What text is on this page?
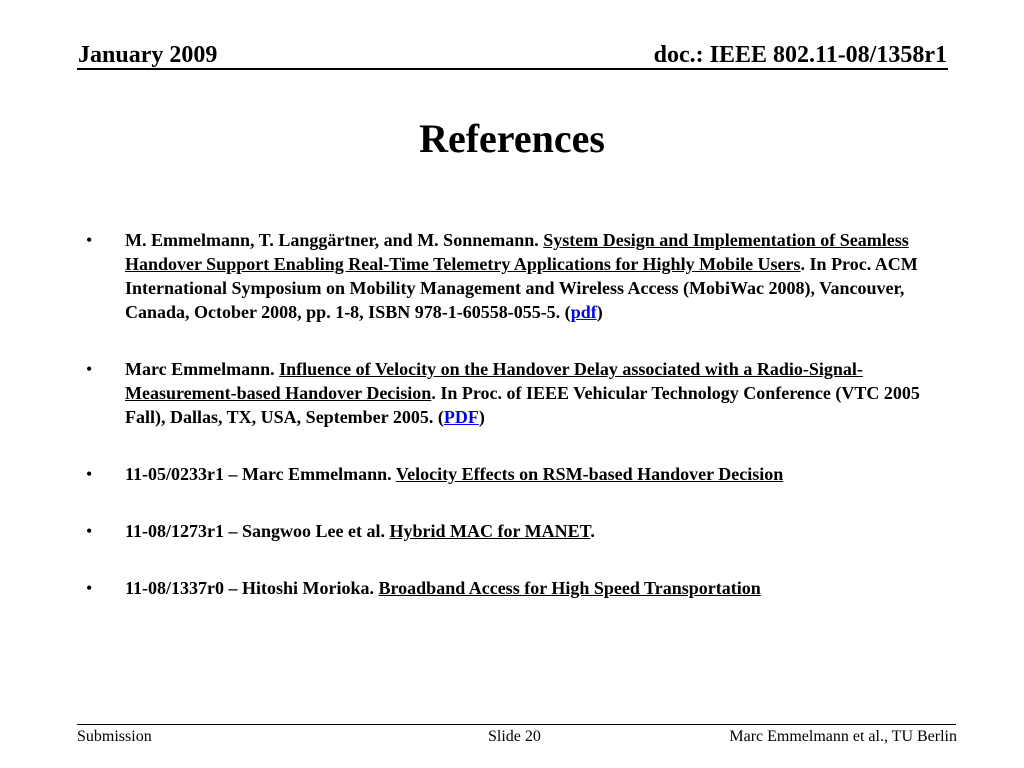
January 2009	doc.: IEEE 802.11-08/1358r1

References
• M. Emmelmann, T. Langgärtner, and M. Sonnemann. System Design and Implementation of Seamless Handover Support Enabling Real-Time Telemetry Applications for Highly Mobile Users. In Proc. ACM International Symposium on Mobility Management and Wireless Access (MobiWac 2008), Vancouver, Canada, October 2008, pp. 1-8, ISBN 978-1-60558-055-5. (pdf)
• Marc Emmelmann. Influence of Velocity on the Handover Delay associated with a Radio-Signal-Measurement-based Handover Decision. In Proc. of IEEE Vehicular Technology Conference (VTC 2005 Fall), Dallas, TX, USA, September 2005. (PDF)
• 11-05/0233r1 – Marc Emmelmann. Velocity Effects on RSM-based Handover Decision
• 11-08/1273r1 – Sangwoo Lee et al. Hybrid MAC for MANET.
• 11-08/1337r0 – Hitoshi Morioka. Broadband Access for High Speed Transportation

Submission	Slide 20	Marc Emmelmann et al., TU Berlin
